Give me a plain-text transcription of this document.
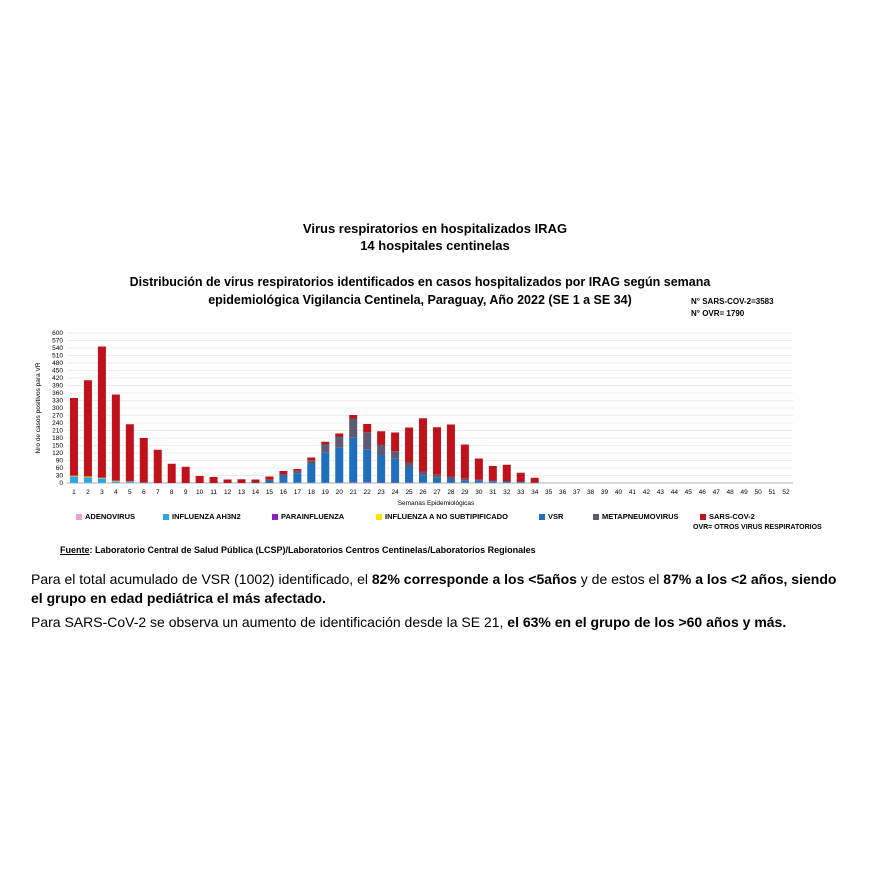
Virus respiratorios en hospitalizados IRAG
14 hospitales centinelas
Distribución de virus respiratorios identificados en casos hospitalizados por IRAG según semana
epidemiológica Vigilancia Centinela, Paraguay, Año 2022 (SE 1 a SE 34)	N° SARS-COV-2=3583
N° OVR= 1790
0
30
60
90
120
150
180
210
240
270
300
330
360
390
420
450
480
510
540
570
600
1 2 3 4 5 6 7 8 9 10 11 12 13 14 15 16 17 18 19 20 21 22 23 24 25 26 27 28 29 30 31 32 33 34 35 36 37 38 39 40 41 42 43 44 45 46 47 48 49 50 51 52
Semanas Epidemiológicas
Nro de casos positivos para VR
ADENOVIRUS	INFLUENZA AH3N2	PARAINFLUENZA	INFLUENZA A NO SUBTIPIFICADO	VSR	METAPNEUMOVIRUS	SARS-COV-2
OVR= OTROS VIRUS RESPIRATORIOS
Fuente: Laboratorio Central de Salud Pública (LCSP)/Laboratorios Centros Centinelas/Laboratorios Regionales
Para el total acumulado de VSR (1002) identificado, el 82% corresponde a los <5años y de estos el 87% a los <2 años, siendo el grupo en edad pediátrica el más afectado.
Para SARS-CoV-2 se observa un aumento de identificación desde la SE 21, el 63% en el grupo de los >60 años y más.
